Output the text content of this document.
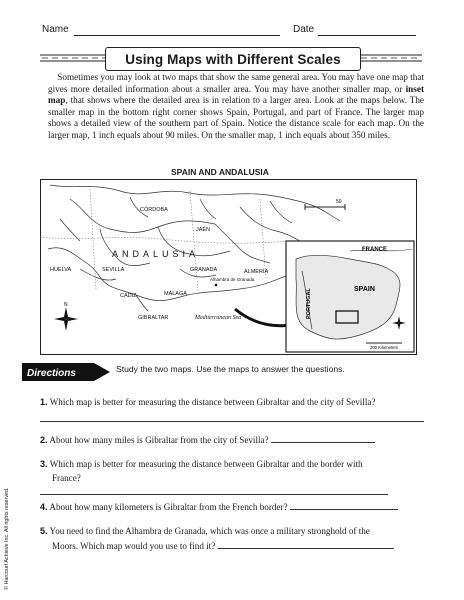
Name	Date
Using Maps with Different Scales

Sometimes you may look at two maps that show the same general area. You may have one map that gives more detailed information about a smaller area. You may have another smaller map, or inset map, that shows where the detailed area is in relation to a larger area. Look at the maps below. The smaller map in the bottom right corner shows Spain, Portugal, and part of France. The larger map shows a detailed view of the southern part of Spain. Notice the distance scale for each map. On the larger map, 1 inch equals about 90 miles. On the smaller map, 1 inch equals about 350 miles.

SPAIN AND ANDALUSIA
50
CÓRDOBA
JAÉN
HUELVA	SEVILLA	GRANADA	ALMERÍA
CÁDIZ	MÁLAGA
GIBRALTAR
ANDALUSIA
Alhambra de Granada
Mediterranean Sea
N
FRANCE
SPAIN
PORTUGAL
200 Kilometers
Directions	Study the two maps. Use the maps to answer the questions.
1. Which map is better for measuring the distance between Gibraltar and the city of Sevilla?
2. About how many miles is Gibraltar from the city of Sevilla?
3. Which map is better for measuring the distance between Gibraltar and the border with
France?
4. About how many kilometers is Gibraltar from the French border?
5. You need to find the Alhambra de Granada, which was once a military stronghold of the
Moors. Which map would you use to find it?
© Harcourt Achieve Inc. All rights reserved.
